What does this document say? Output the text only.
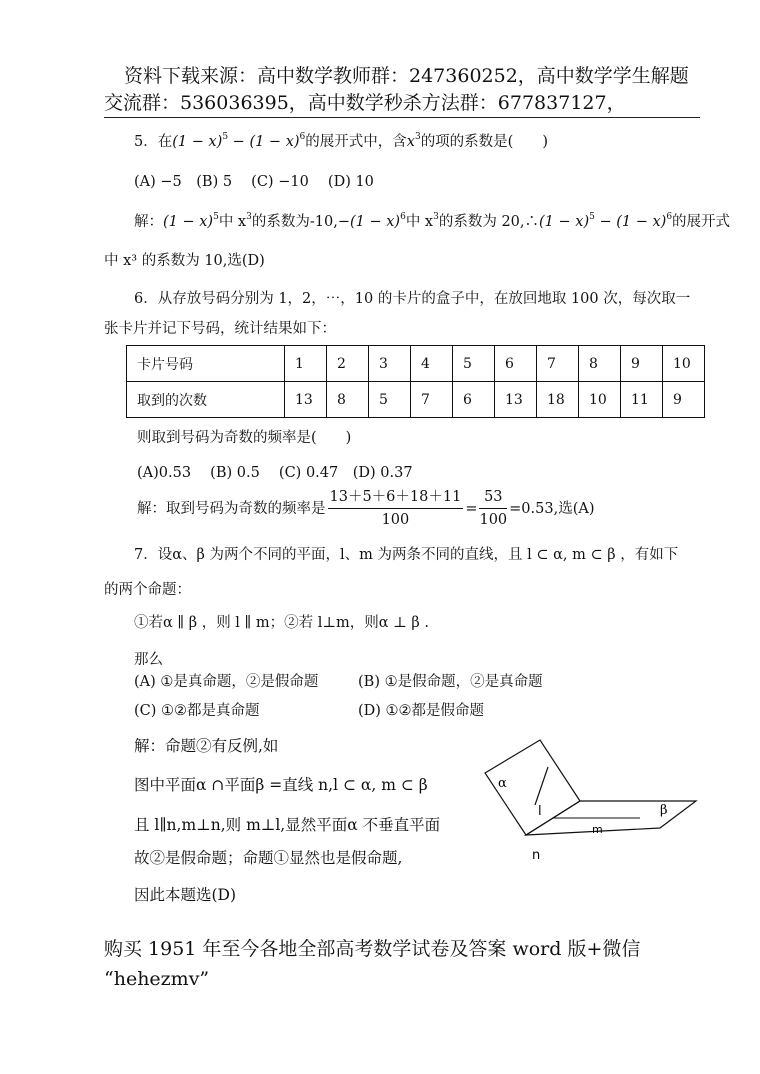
资料下载来源：高中数学教师群：247360252，高中数学学生解题
交流群：536036395，高中数学秒杀方法群：677837127，
5．在$(1 - x)^5 - (1 - x)^6$的展开式中，含$x^3$的项的系数是(　　)
(A) −5　(B) 5　 (C) −10　 (D) 10
解：$(1 - x)^5$中 $x^3$的系数为$-10,-(1 - x)^6$中 $x^3$的系数为 20,∴(1 − $x)^5 - (1 - x)^6$的展开式
中 x³ 的系数为 10,选(D)
6．从存放号码分别为 1，2，⋯，10 的卡片的盒子中，在放回地取 100 次，每次取一
张卡片并记下号码，统计结果如下：
卡片号码	1	2	3	4	5	6	7	8	9	10
取到的次数	13	8	5	7	6	13	18	10	11	9
则取到号码为奇数的频率是(　　)
(A)0.53　 (B) 0.5　 (C) 0.47　(D) 0.37
解：取到号码为奇数的频率是 $\frac{13+5+6+18+11}{100} = \frac{53}{100} =0.53$,选(A)
7．设α、β 为两个不同的平面，l、m 为两条不同的直线，且 l ⊂ α, m ⊂ β ，有如下
的两个命题：
①若α ∥ β ，则 l ∥ m；②若 l⊥m，则α ⊥ β .
那么
(A) ①是真命题，②是假命题	(B) ①是假命题，②是真命题
(C) ①②都是真命题	(D) ①②都是假命题
解：命题②有反例,如
图中平面α ∩平面β =直线 n,l ⊂ α, m ⊂ β
且 l∥n,m⊥n,则 m⊥l,显然平面α 不垂直平面
故②是假命题；命题①显然也是假命题,
因此本题选(D)
α
l	β
m
n
购买 1951 年至今各地全部高考数学试卷及答案 word 版+微信
“hehezmv”
